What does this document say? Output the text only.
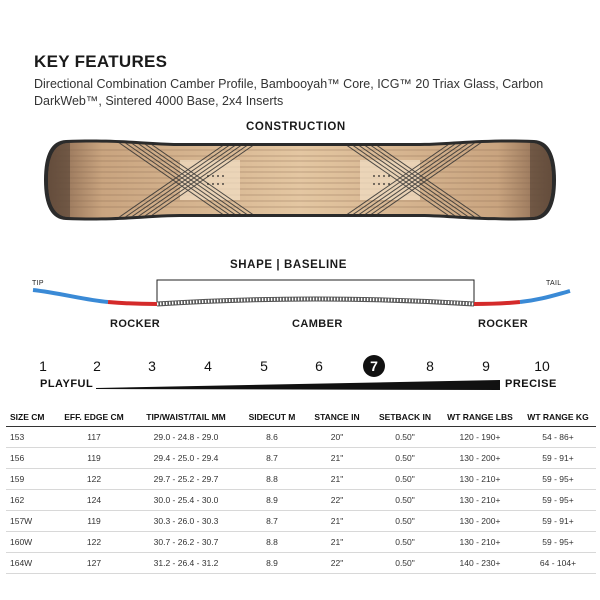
KEY FEATURES
Directional Combination Camber Profile, Bambooyah™ Core, ICG™ 20 Triax Glass, Carbon DarkWeb™, Sintered 4000 Base, 2x4 Inserts
CONSTRUCTION
SHAPE | BASELINE
TIP	TAIL
ROCKER	CAMBER	ROCKER
1	2	3	4	5	6	7	8	9	10
PLAYFUL	PRECISE
SIZE CM	EFF. EDGE CM	TIP/WAIST/TAIL MM	SIDECUT M	STANCE IN	SETBACK IN	WT RANGE LBS	WT RANGE KG
153	117	29.0 - 24.8 - 29.0	8.6	20"	0.50"	120 - 190+	54 - 86+
156	119	29.4 - 25.0 - 29.4	8.7	21"	0.50"	130 - 200+	59 - 91+
159	122	29.7 - 25.2 - 29.7	8.8	21"	0.50"	130 - 210+	59 - 95+
162	124	30.0 - 25.4 - 30.0	8.9	22"	0.50"	130 - 210+	59 - 95+
157W	119	30.3 - 26.0 - 30.3	8.7	21"	0.50"	130 - 200+	59 - 91+
160W	122	30.7 - 26.2 - 30.7	8.8	21"	0.50"	130 - 210+	59 - 95+
164W	127	31.2 - 26.4 - 31.2	8.9	22"	0.50"	140 - 230+	64 - 104+
